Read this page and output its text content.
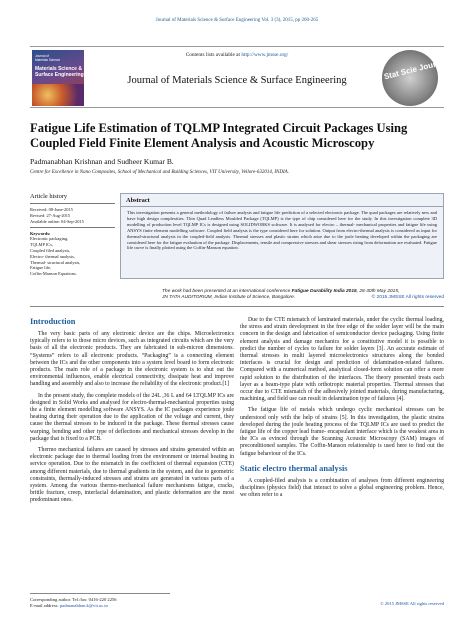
Journal of Materials Science & Surface Engineering Vol. 3 (3), 2015, pp 260-265
Journal of
Materials Science
Materials Science &
Surface Engineering
Contents lists available at http://www.jmsse.org/
Journal of Materials Science & Surface Engineering	Stat Scie Jour
Fatigue Life Estimation of TQLMP Integrated Circuit Packages Using Coupled Field Finite Element Analysis and Acoustic Microscopy
Padmanabhan Krishnan and Sudheer Kumar B.
Centre for Excellence in Nano Composites, School of Mechanical and Building Sciences, VIT University, Vellore-632014, INDIA.
Article history
Received: 08-June-2015
Revised: 27-Aug-2015
Available online: 04-Sep-2015
Keywords:
Electronic packaging,
TQLMP ICs,
Coupled filed analysis,
Electro- thermal analysis,
Thermal- structural analysis,
Fatigue life,
Coffin-Manson Equations.
Abstract
This investigation presents a general methodology of failure analysis and fatigue life prediction of a selected electronic package. The quad packages are relatively new and have high design complexities. Thin Quad Leadless Moulded Package (TQLMP) is the type of chip considered here for the study. In this investigation complete 3D modelling of production level TQLMP ICs is designed using SOLIDWORKS software. It is analysed for electro – thermal- mechanical properties and fatigue life using ANSYS finite element modelling software. Coupled field analysis is the type considered here for solution. Output from electro-thermal analysis is considered as input for thermal-structural analysis in the coupled-field analysis. Thermal stresses and plastic strains which arise due to the joule heating developed within the packaging are considered here for the fatigue evaluation of the package. Displacements, tensile and compressive stresses and shear stresses rising from deformation are evaluated. Fatigue life curve is finally plotted using the Coffin-Manson equation.
The work had been presented at an international conference Fatigue Durability India 2015, 28-30th May 2015,
JN TATA AUDITORIUM, Indian Institute of Science, Bangalore.	© 2015 JMSSE All rights reserved
Introduction

The very basic parts of any electronic device are the chips. Microelectronics typically refers to to those micro devices, such as integrated circuits which are the very basis of all the electronic products. They are fabricated in sub-micron dimensions. “Systems” refers to all electronic products. “Packaging” is a connecting element between the ICs and the other components into a system level board to form electronic products. The main role of a package in the electronic system is to shut out the environmental influences, enable electrical connectivity, dissipate heat and improve handling and assembly and also to increase the reliability of the electronic product.[1]

In the present study, the complete models of the 24L ,36 L and 64 LTQLMP ICs are designed in Solid Works and analysed for electro-thermal-mechanical properties using the a finite element modelling software ANSYS. As the IC packages experience joule heating during their operation due to the application of the voltage and current, they cause the thermal stresses to be induced in the package. These thermal stresses cause warping, bending and other type of deflections and mechanical stresses develop in the package that is fixed to a PCB.

Thermo mechanical failures are caused by stresses and strains generated within an electronic package due to thermal loading from the environment or internal heating in service operation. Due to the mismatch in the coefficient of thermal expansion (CTE) among different materials, due to thermal gradients in the system, and due to geometric constraints, thermally-induced stresses and strains are generated in various parts of a system. Among the various thermo-mechanical failure mechanisms fatigue, cracks, brittle fracture, creep, interfacial delamination, and plastic deformation are the most predominant ones.

Due to the CTE mismatch of laminated materials, under the cyclic thermal loading, the stress and strain development in the free edge of the solder layer will be the main concern in the design and fabrication of semiconductor device packaging. Using finite element analysis and damage mechanics for a constitutive model it is possible to predict the number of cycles to failure for solder layers [3]. An accurate estimate of thermal stresses in multi layered microelectronics structures along the bonded interfaces is crucial for design and prediction of delamination-related failures. Compared with a numerical method, analytical closed-form solution can offer a more rapid solution to the distribution of the interfaces. The theory presented treats each layer as a beam-type plate with orthotropic material properties. Thermal stresses that occur due to CTE mismatch of the adhesively jointed materials, during manufacturing, machining, and field use can result in delamination type of failures [4].

The fatigue life of metals which undergo cyclic mechanical stresses can be understood only with the help of strains [5]. In this investigation, the plastic strains developed during the joule heating process of the TQLMP ICs are used to predict the fatigue life of the copper lead frame- encapsulant interface which is the weakest area in the ICs as evinced through the Scanning Acoustic Microscopy (SAM) images of preconditioned samples. The Coffin-Manson relationship is used here to find out the fatigue behaviour of the ICs.

Static electro thermal analysis

A coupled-filed analysis is a combination of analyses from different engineering disciplines (physics field) that interact to solve a global engineering problem. Hence, we often refer to a

Corresponding author. Tel./fax: 0416-220 2256
E-mail address: padmanabhan.k@vit.ac.in	© 2015 JMSSE All rights reserved
